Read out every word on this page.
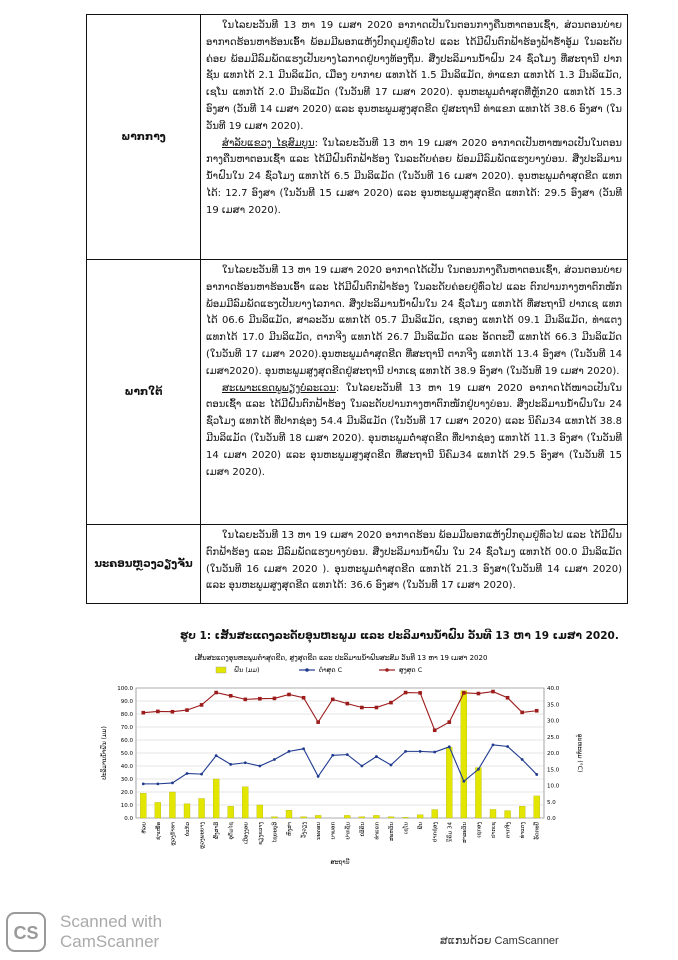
ພາກກາງ	ໃນໄລຍະວັນທີ 13 ຫາ 19 ເມສາ 2020 ອາກາດເປັນໃນຕອນກາງຄືນຫາຕອນເຊົ້າ, ສ່ວນຕອນບ່າຍອາກາດຮ້ອນຫາຮ້ອນເອົ້າ ພ້ອມມີພອກແຫ້ງປົກຄຸມຢູ່ທົ່ວໄປ ແລະ ໄດ້ມີຝົນຕົກຟ້າຮ້ອງຟ້າຮ້ຳອູ້ມ ໃນລະດັບຄ່ອຍ ພ້ອມມີລົມພັດແຮງເປັນບາງໄລກາດຢູ່ບາງທ້ອງຖິ່ນ. ສີ່ງປະລິມານນ້ຳຝົນ 24 ຊົ່ວໂມງ ທີ່ສະຖານີ ປາກຊັນ ແທກໄດ້ 2.1 ມີນລິແມັດ, ເມືອງ ບາກາຍ ແທກໄດ້ 1.5 ມີນລິແມັດ, ທ່າແຂກ ແທກໄດ້ 1.3 ມີນລິແມັດ, ເຊໂນ ແທກໄດ້ 2.0 ມີນລິແມັດ (ໃນວັນທີ 17 ເມສາ 2020). ອຸນຫະພູມຕ່ຳສຸດທີ່ຫຼັກ20 ແທກໄດ້ 15.3 ອົງສາ (ວັນທີ 14 ເມສາ 2020) ແລະ ອຸນຫະພູມສູງສຸດຂີດ ຢູ່ສະຖານີ ທ່າແຂກ ແທກໄດ້ 38.6 ອົງສາ (ໃນວັນທີ 19 ເມສາ 2020).

ສຳລັບແຂວງ ໄຊສົມບູນ: ໃນໄລຍະວັນທີ 13 ຫາ 19 ເມສາ 2020 ອາກາດເປັນຫາໜາວເປັນໃນຕອນກາງຄືນຫາຕອນເຊົ້າ ແລະ ໄດ້ມີຝົນຕົກຟ້າຮ້ອງ ໃນລະດັບຄ່ອຍ ພ້ອມມີລົມພັດແຮງບາງບ່ອນ. ສີ່ງປະລິມານນ້ຳຝົນໃນ 24 ຊົ່ວໂມງ ແທກໄດ້ 6.5 ມີນລິແມັດ (ໃນວັນທີ 16 ເມສາ 2020). ອຸນຫະພູມຕ່ຳສຸດຂີດ ແທກໄດ້: 12.7 ອົງສາ (ໃນວັນທີ 15 ເມສາ 2020) ແລະ ອຸນຫະພູມສູງສຸດຂີດ ແທກໄດ້: 29.5 ອົງສາ (ວັນທີ 19 ເມສາ 2020).

ພາກໃຕ້	ໃນໄລຍະວັນທີ 13 ຫາ 19 ເມສາ 2020 ອາກາດໄດ້ເປັນ ໃນຕອນກາງຄືນຫາຕອນເຊົ້າ, ສ່ວນຕອນບ່າຍອາກາດຮ້ອນຫາຮ້ອນເອົ້າ ແລະ ໄດ້ມີຝົນຕົກຟ້າຮ້ອງ ໃນລະດັບຄ່ອຍຢູ່ທົ່ວໄປ ແລະ ຕົກປານກາງຫາຕົກໜັກ ພ້ອມມີລົມພັດແຮງເປັນບາງໄລກາດ. ສີ່ງປະລິມານນ້ຳຝົນໃນ 24 ຊົ່ວໂມງ ແທກໄດ້ ທີ່ສະຖານີ ປາກເຊ ແທກໄດ້ 06.6 ມີນລິແມັດ, ສາລະວັນ ແທກໄດ້ 05.7 ມີນລິແມັດ, ເຊກອງ ແທກໄດ້ 09.1 ມີນລິແມັດ, ທ່າແຕງ ແທກໄດ້ 17.0 ມີນລິແມັດ, ຕາກຈີງ ແທກໄດ້ 26.7 ມີນລິແມັດ ແລະ ອັດຕະປື ແທກໄດ້ 66.3 ມີນລິແມັດ (ໃນວັນທີ 17 ເມສາ 2020).ອຸນຫະພູມຕ່ຳສຸດຂີດ ທີ່ສະຖານີ ຕາກຈີງ ແທກໄດ້ 13.4 ອົງສາ (ໃນວັນທີ 14 ເມສາ2020). ອຸນຫະພູມສູງສຸດຂີດຢູ່ສະຖານີ ປາກເຊ ແທກໄດ້ 38.9 ອົງສາ (ໃນວັນທີ 19 ເມສາ 2020).

ສະເພາະເຂດພູພຽງບໍລະເວນ: ໃນໄລຍະວັນທີ 13 ຫາ 19 ເມສາ 2020 ອາກາດໄດ້ໜາວເປັນໃນຕອນເຊົ້າ ແລະ ໄດ້ມີຝົນຕົກຟ້າຮ້ອງ ໃນລະດັບປານກາງຫາຕົກໜັກຢູ່ບາງບ່ອນ. ສີ່ງປະລິມານນ້ຳຝົນໃນ 24 ຊົ່ວໂມງ ແທກໄດ້ ທີ່ປາກຊ່ອງ 54.4 ມີນລິແມັດ (ໃນວັນທີ 17 ເມສາ 2020) ແລະ ນິຄົມ34 ແທກໄດ້ 38.8 ມີນລິແມັດ (ໃນວັນທີ 18 ເມສາ 2020). ອຸນຫະພູມຕ່ຳສຸດຂີດ ທີ່ປາກຊ່ອງ ແທກໄດ້ 11.3 ອົງສາ (ໃນວັນທີ 14 ເມສາ 2020) ແລະ ອຸນຫະພູມສູງສຸດຂີດ ທີ່ສະຖານີ ນິຄົມ34 ແທກໄດ້ 29.5 ອົງສາ (ໃນວັນທີ 15 ເມສາ 2020).

ນະຄອນຫຼວງວຽງຈັນ	ໃນໄລຍະວັນທີ 13 ຫາ 19 ເມສາ 2020 ອາກາດຮ້ອນ ພ້ອມມີພອກແຫ້ງປົກຄຸມຢູ່ທົ່ວໄປ ແລະ ໄດ້ມີຝົນຕົກຟ້າຮ້ອງ ແລະ ມີລົມພັດແຮງບາງບ່ອນ. ສີ່ງປະລິມານນ້ຳຝົນ ໃນ 24 ຊົ່ວໂມງ ແທກໄດ້ 00.0 ມີນລິແມັດ (ໃນວັນທີ 16 ເມສາ 2020 ). ອຸນຫະພູມຕ່ຳສຸດຂີດ ແທກໄດ້ 21.3 ອົງສາ(ໃນວັນທີ 14 ເມສາ 2020) ແລະ ອຸນຫະພູມສູງສຸດຂີດ ແທກໄດ້: 36.6 ອົງສາ (ໃນວັນທີ 17 ເມສາ 2020).

ຮູບ 1: ເສັ້ນສະແດງລະດັບອຸນຫະພູມ ແລະ ປະລິມານນ້ຳຝົນ ວັນທີ 13 ຫາ 19 ເມສາ 2020.
ເສັ້ນສະແດງອຸນຫະພູມຕ່ຳສຸດຂີດ, ສູງສຸດຂີດ ແລະ ປະລິມານນ້ຳຝົນສະສົມ ວັນທີ 13 ຫາ 19 ເມສາ 2020
ຝົນ (ມມ)	ຕ່ຳສຸດ C	ສູງສຸດ C
0.0
10.0
20.0
30.0
40.0
50.0
60.0
70.0
80.0
90.0
100.0
0.0
5.0
10.0
15.0
20.0
25.0
30.0
35.0
40.0
ປະລິມານນ້ຳຝົນ (ມມ)	ອຸນຫະພູມ (°C)
ສະຖານີ
ຫ້ວຍ ຊຳເໜືອ ຫຼວງນ້ຳທາ ບໍ່ແກ້ວ ຫຼວງພະບາງ ຜົ້ງສາລີ	ອຸດົມໄຊ ເມືອງງອຍ ຊຽງຂວາງ	ໄຊຍະບູລີ ຫົງສາ ວັງວຽງ ນະຄອນ ນາພອກ ປາກຊັນ ບໍລິຄັນ ທ່າແຂກ ສະຫວັນ ເຊໂນ ພີນ ປາກຊ່ອງ ນິຄົມ 34 ສາລະວັນ ເຊກອງ ປາກເຊ ຕາກຈີງ ທ່າແຕງ ອັດຕະປື
CS
Scanned with
CamScanner	ສແກນດ້ວຍ CamScanner
